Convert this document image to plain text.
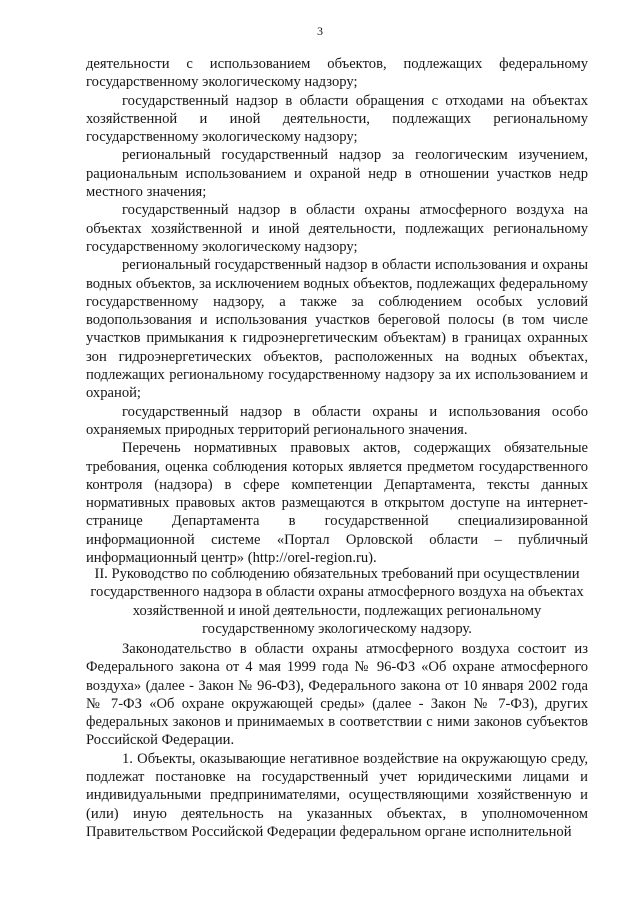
3

деятельности с использованием объектов, подлежащих федеральному государственному экологическому надзору;

государственный надзор в области обращения с отходами на объектах хозяйственной и иной деятельности, подлежащих региональному государственному экологическому надзору;

региональный государственный надзор за геологическим изучением, рациональным использованием и охраной недр в отношении участков недр местного значения;

государственный надзор в области охраны атмосферного воздуха на объектах хозяйственной и иной деятельности, подлежащих региональному государственному экологическому надзору;

региональный государственный надзор в области использования и охраны водных объектов, за исключением водных объектов, подлежащих федеральному государственному надзору, а также за соблюдением особых условий водопользования и использования участков береговой полосы (в том числе участков примыкания к гидроэнергетическим объектам) в границах охранных зон гидроэнергетических объектов, расположенных на водных объектах, подлежащих региональному государственному надзору за их использованием и охраной;

государственный надзор в области охраны и использования особо охраняемых природных территорий регионального значения.

Перечень нормативных правовых актов, содержащих обязательные требования, оценка соблюдения которых является предметом государственного контроля (надзора) в сфере компетенции Департамента, тексты данных нормативных правовых актов размещаются в открытом доступе на интернет-странице Департамента в государственной специализированной информационной системе «Портал Орловской области – публичный информационный центр» (http://orel-region.ru).

II. Руководство по соблюдению обязательных требований при осуществлении государственного надзора в области охраны атмосферного воздуха на объектах хозяйственной и иной деятельности, подлежащих региональному государственному экологическому надзору.

Законодательство в области охраны атмосферного воздуха состоит из Федерального закона от 4 мая 1999 года № 96-ФЗ «Об охране атмосферного воздуха» (далее - Закон № 96-ФЗ), Федерального закона от 10 января 2002 года № 7-ФЗ «Об охране окружающей среды» (далее - Закон № 7-ФЗ), других федеральных законов и принимаемых в соответствии с ними законов субъектов Российской Федерации.

1. Объекты, оказывающие негативное воздействие на окружающую среду, подлежат постановке на государственный учет юридическими лицами и индивидуальными предпринимателями, осуществляющими хозяйственную и (или) иную деятельность на указанных объектах, в уполномоченном Правительством Российской Федерации федеральном органе исполнительной
